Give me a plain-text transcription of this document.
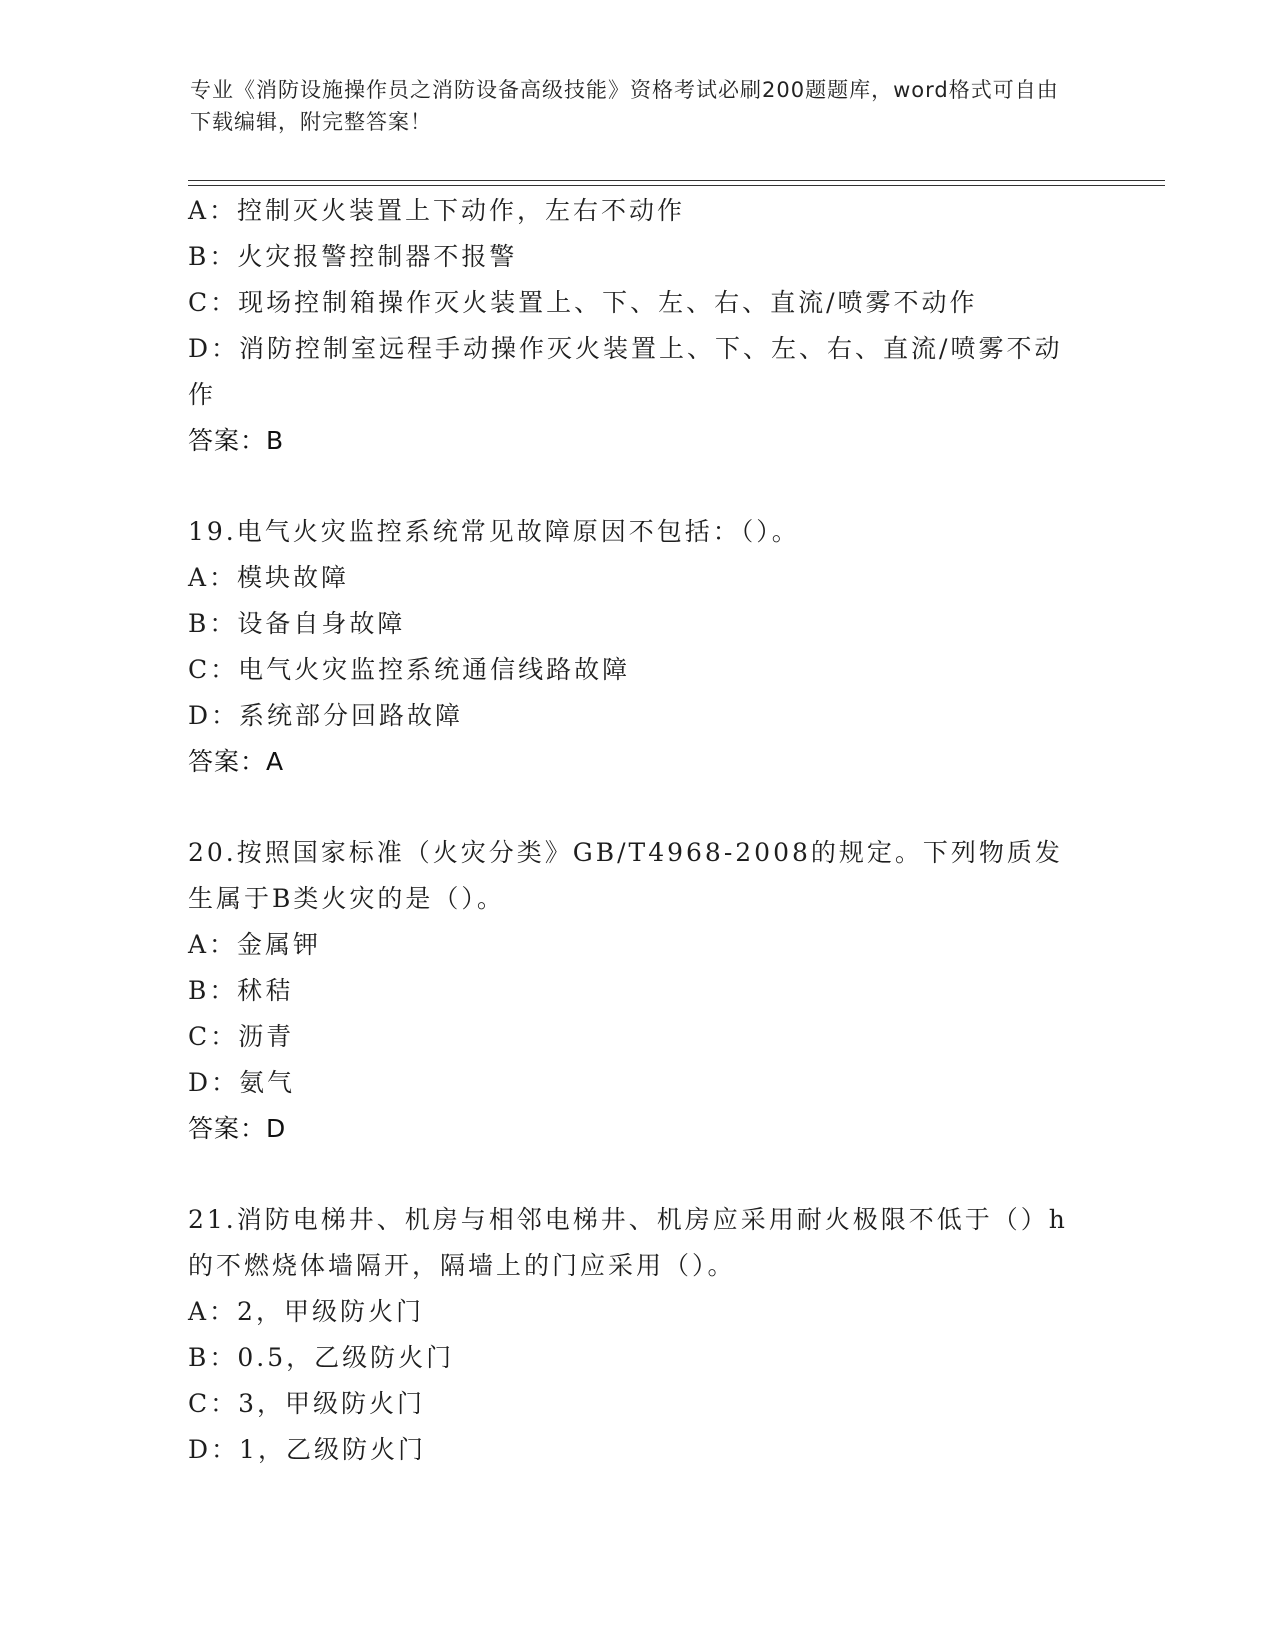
专业《消防设施操作员之消防设备高级技能》资格考试必刷200题题库，word格式可自由下载编辑，附完整答案！
A：控制灭火装置上下动作，左右不动作
B：火灾报警控制器不报警
C：现场控制箱操作灭火装置上、下、左、右、直流/喷雾不动作
D：消防控制室远程手动操作灭火装置上、下、左、右、直流/喷雾不动作
答案：B
19.电气火灾监控系统常见故障原因不包括：（）。
A：模块故障
B：设备自身故障
C：电气火灾监控系统通信线路故障
D：系统部分回路故障
答案：A
20.按照国家标准（火灾分类》GB/T4968-2008的规定。下列物质发生属于B类火灾的是（）。
A：金属钾
B：秫秸
C：沥青
D：氨气
答案：D
21.消防电梯井、机房与相邻电梯井、机房应采用耐火极限不低于（）h的不燃烧体墙隔开，隔墙上的门应采用（）。
A：2，甲级防火门
B：0.5，乙级防火门
C：3，甲级防火门
D：1，乙级防火门
